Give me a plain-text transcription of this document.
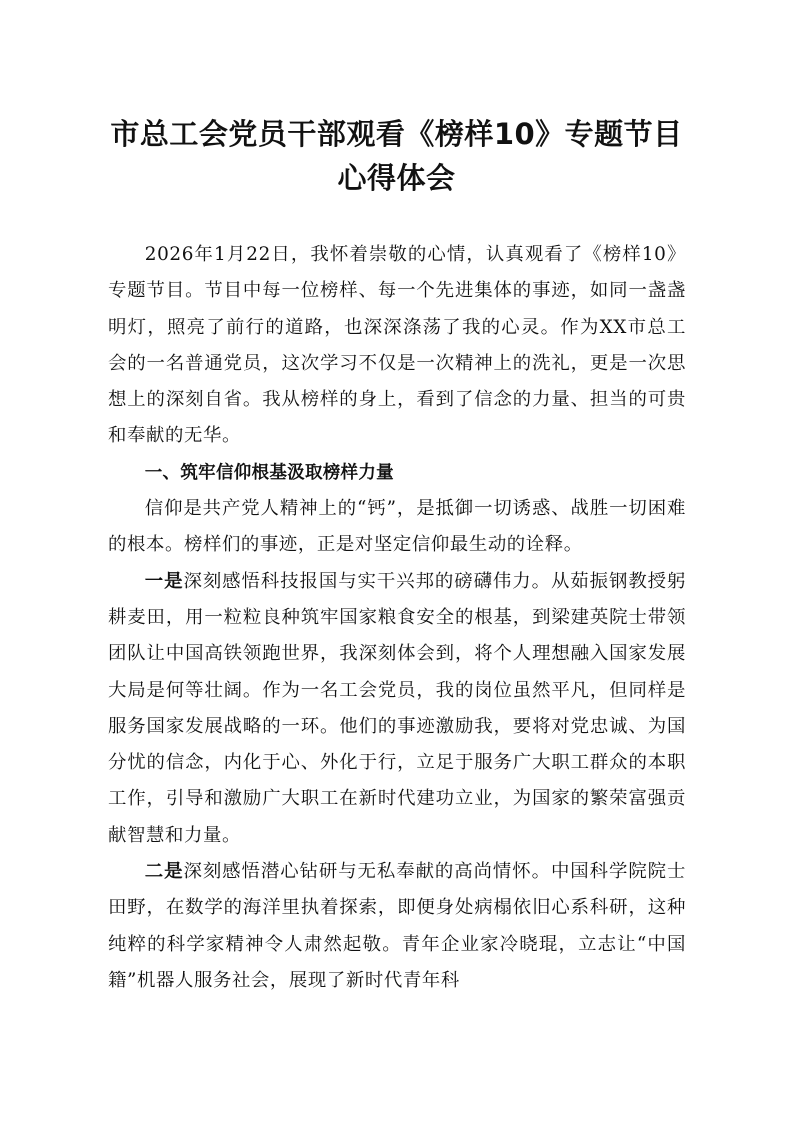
市总工会党员干部观看《榜样10》专题节目心得体会

2026年1月22日，我怀着崇敬的心情，认真观看了《榜样10》专题节目。节目中每一位榜样、每一个先进集体的事迹，如同一盏盏明灯，照亮了前行的道路，也深深涤荡了我的心灵。作为XX市总工会的一名普通党员，这次学习不仅是一次精神上的洗礼，更是一次思想上的深刻自省。我从榜样的身上，看到了信念的力量、担当的可贵和奉献的无华。

一、筑牢信仰根基汲取榜样力量

信仰是共产党人精神上的“钙”，是抵御一切诱惑、战胜一切困难的根本。榜样们的事迹，正是对坚定信仰最生动的诠释。

一是深刻感悟科技报国与实干兴邦的磅礴伟力。从茹振钢教授躬耕麦田，用一粒粒良种筑牢国家粮食安全的根基，到梁建英院士带领团队让中国高铁领跑世界，我深刻体会到，将个人理想融入国家发展大局是何等壮阔。作为一名工会党员，我的岗位虽然平凡，但同样是服务国家发展战略的一环。他们的事迹激励我，要将对党忠诚、为国分忧的信念，内化于心、外化于行，立足于服务广大职工群众的本职工作，引导和激励广大职工在新时代建功立业，为国家的繁荣富强贡献智慧和力量。

二是深刻感悟潜心钻研与无私奉献的高尚情怀。中国科学院院士田野，在数学的海洋里执着探索，即便身处病榻依旧心系科研，这种纯粹的科学家精神令人肃然起敬。青年企业家冷晓琨，立志让“中国籍”机器人服务社会，展现了新时代青年科
